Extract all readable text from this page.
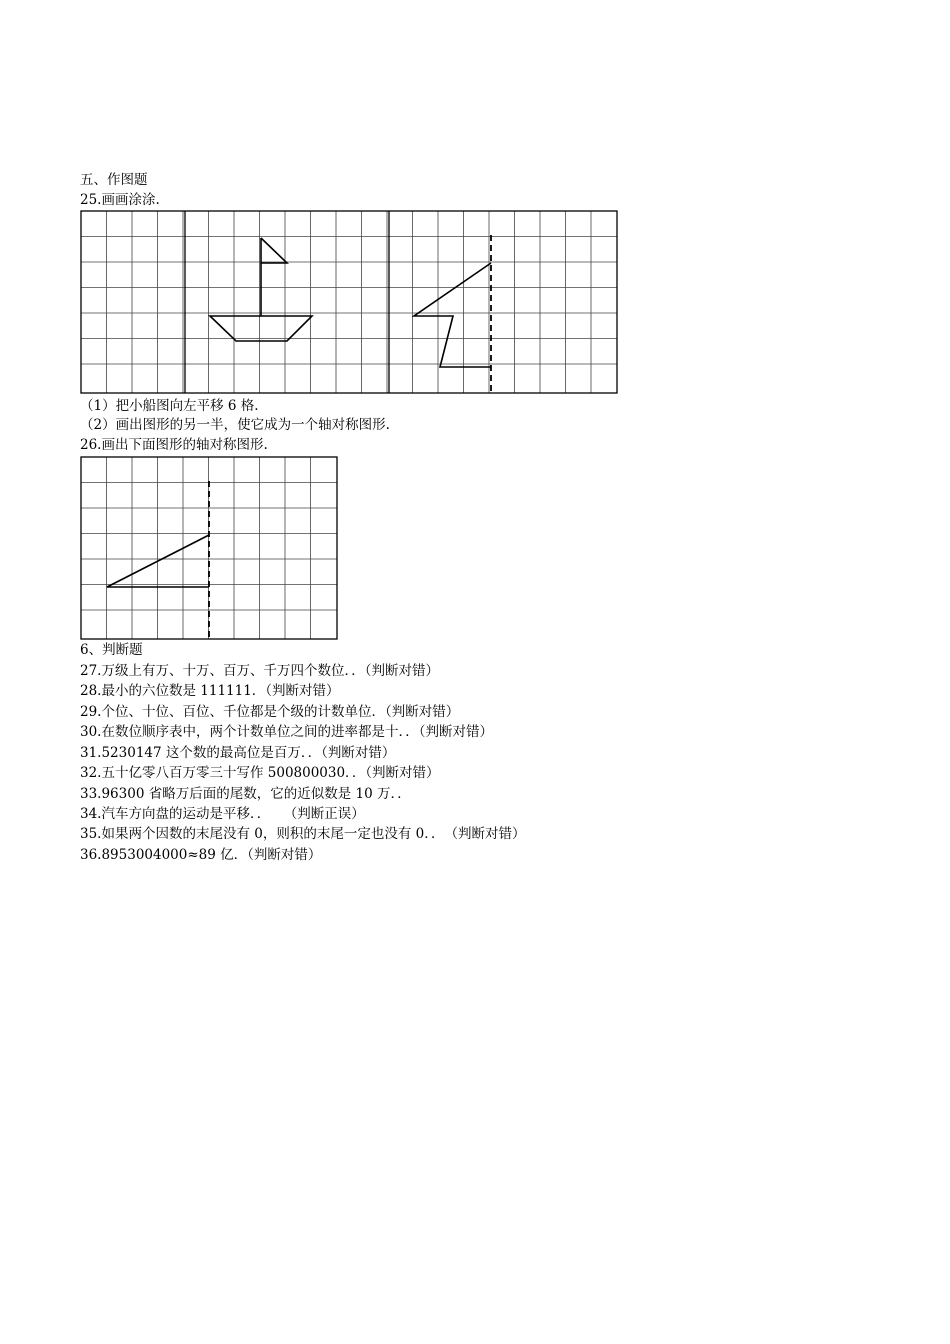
五、作图题
25.画画涂涂.
（1）把小船图向左平移 6 格.
（2）画出图形的另一半，使它成为一个轴对称图形.
26.画出下面图形的轴对称图形.
6、判断题
27.万级上有万、十万、百万、千万四个数位．．（判断对错）
28.最小的六位数是 111111．（判断对错）
29.个位、十位、百位、千位都是个级的计数单位．（判断对错）
30.在数位顺序表中，两个计数单位之间的进率都是十．．（判断对错）
31.5230147 这个数的最高位是百万．．（判断对错）
32.五十亿零八百万零三十写作 500800030．．（判断对错）
33.96300 省略万后面的尾数，它的近似数是 10 万．．
34.汽车方向盘的运动是平移．．　　（判断正误）
35.如果两个因数的末尾没有 0，则积的末尾一定也没有 0．．　（判断对错）
36.8953004000≈89 亿．（判断对错）
